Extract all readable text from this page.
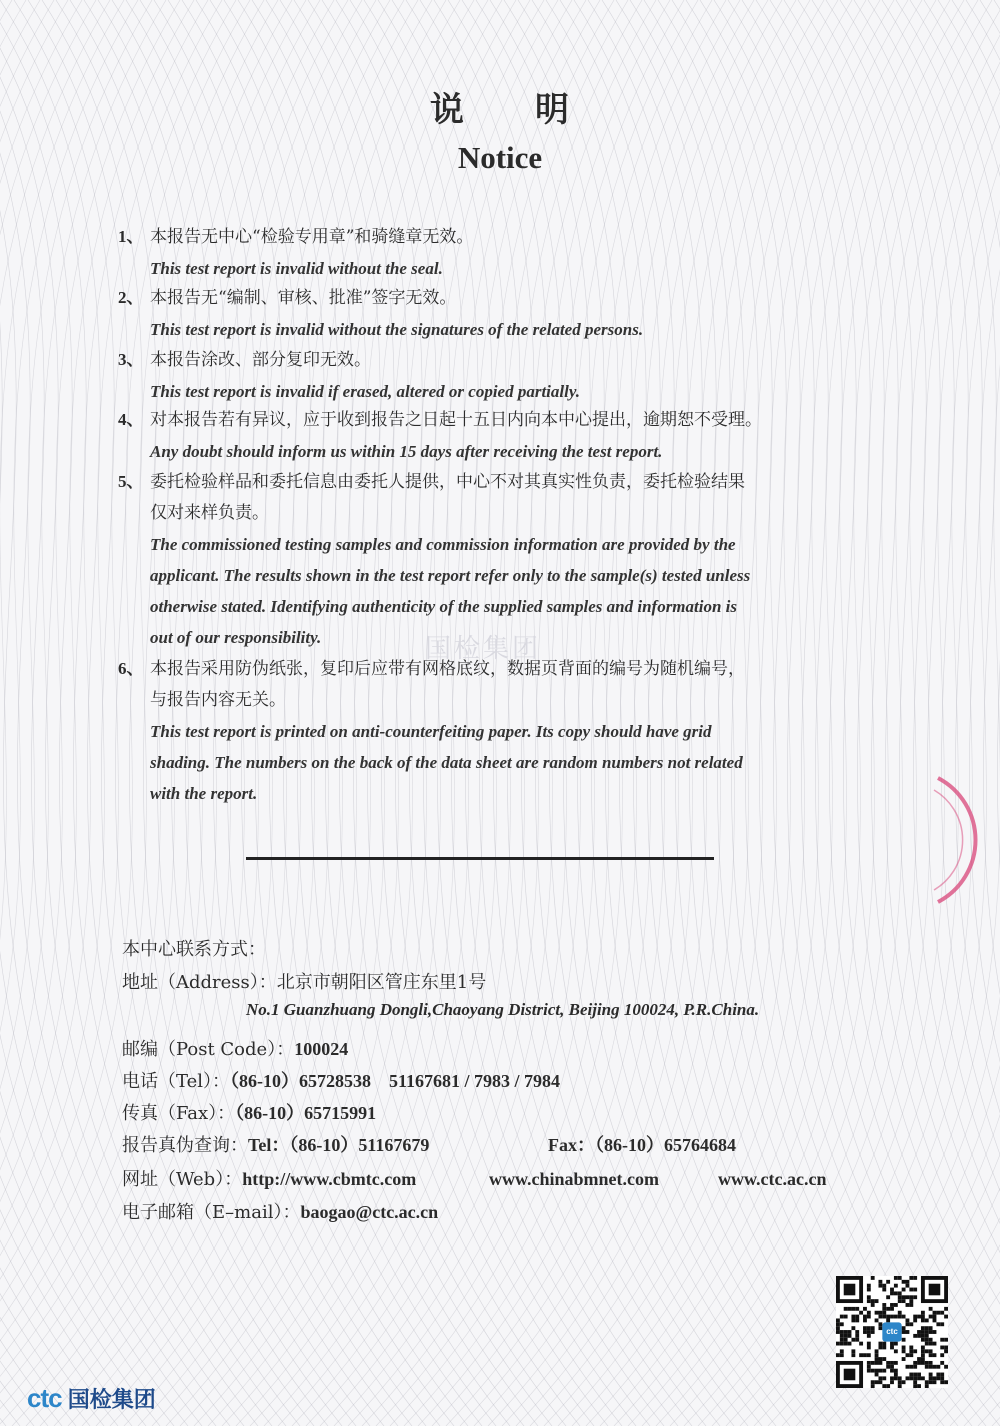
国检集团
说　　明
Notice
1、 本报告无中心“检验专用章”和骑缝章无效。
This test report is invalid without the seal.
2、 本报告无“编制、审核、批准”签字无效。
This test report is invalid without the signatures of the related persons.
3、 本报告涂改、部分复印无效。
This test report is invalid if erased, altered or copied partially.
4、 对本报告若有异议，应于收到报告之日起十五日内向本中心提出，逾期恕不受理。
Any doubt should inform us within 15 days after receiving the test report.
5、 委托检验样品和委托信息由委托人提供，中心不对其真实性负责，委托检验结果
仅对来样负责。
The commissioned testing samples and commission information are provided by the
applicant. The results shown in the test report refer only to the sample(s) tested unless
otherwise stated. Identifying authenticity of the supplied samples and information is
out of our responsibility.
6、 本报告采用防伪纸张，复印后应带有网格底纹，数据页背面的编号为随机编号，
与报告内容无关。
This test report is printed on anti-counterfeiting paper. Its copy should have grid
shading. The numbers on the back of the data sheet are random numbers not related
with the report.
本中心联系方式：
地址（Address）：北京市朝阳区管庄东里1号
No.1 Guanzhuang Dongli,Chaoyang District, Beijing 100024, P.R.China.
邮编（Post Code）：100024
电话（Tel）：（86-10）65728538　51167681 / 7983 / 7984
传真（Fax）：（86-10）65715991
报告真伪查询：Tel：（86-10）51167679	Fax：（86-10）65764684
网址（Web）：http://www.cbmtc.com	www.chinabmnet.com	www.ctc.ac.cn
电子邮箱（E–mail）：baogao@ctc.ac.cn
ctc
ctc 国检集团
